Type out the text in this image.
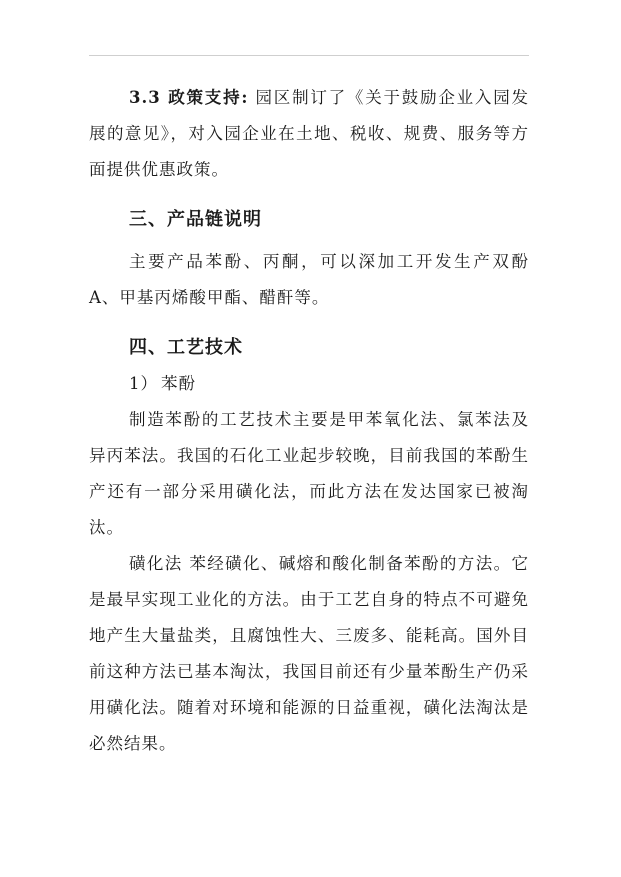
3.3 政策支持: 园区制订了《关于鼓励企业入园发展的意见》，对入园企业在土地、税收、规费、服务等方面提供优惠政策。

三、产品链说明

主要产品苯酚、丙酮，可以深加工开发生产双酚 A、甲基丙烯酸甲酯、醋酐等。

四、工艺技术

1） 苯酚

制造苯酚的工艺技术主要是甲苯氧化法、氯苯法及异丙苯法。我国的石化工业起步较晚，目前我国的苯酚生产还有一部分采用磺化法，而此方法在发达国家已被淘汰。

磺化法 苯经磺化、碱熔和酸化制备苯酚的方法。它是最早实现工业化的方法。由于工艺自身的特点不可避免地产生大量盐类，且腐蚀性大、三废多、能耗高。国外目前这种方法已基本淘汰，我国目前还有少量苯酚生产仍采用磺化法。随着对环境和能源的日益重视，磺化法淘汰是必然结果。
